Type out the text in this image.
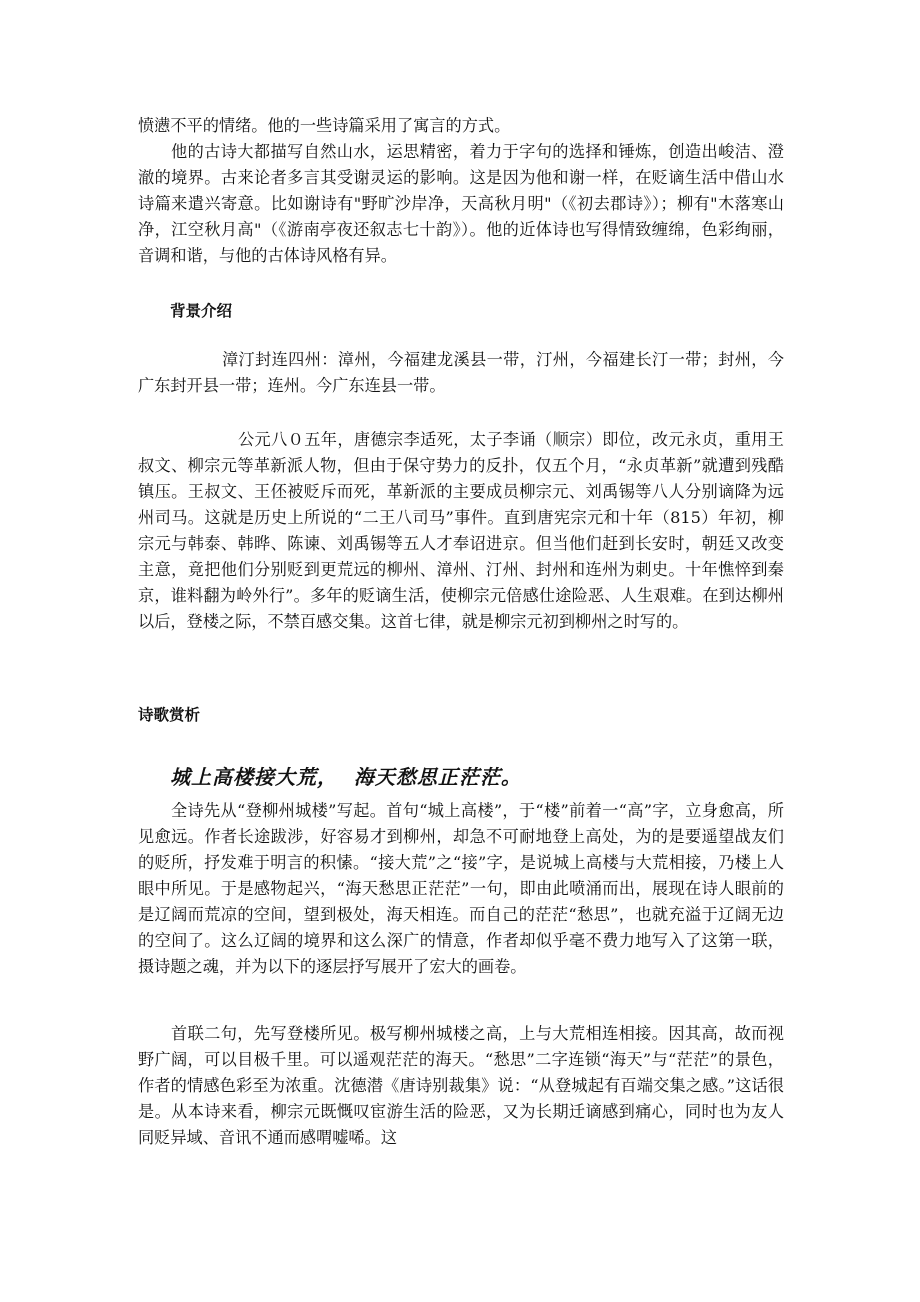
愤懑不平的情绪。他的一些诗篇采用了寓言的方式。

他的古诗大都描写自然山水，运思精密，着力于字句的选择和锤炼，创造出峻洁、澄澈的境界。古来论者多言其受谢灵运的影响。这是因为他和谢一样，在贬谪生活中借山水诗篇来遣兴寄意。比如谢诗有"野旷沙岸净，天高秋月明"（《初去郡诗》）；柳有"木落寒山净，江空秋月高"（《游南亭夜还叙志七十韵》）。他的近体诗也写得情致缠绵，色彩绚丽，音调和谐，与他的古体诗风格有异。

背景介绍

漳汀封连四州：漳州，今福建龙溪县一带，汀州，今福建长汀一带；封州，今广东封开县一带；连州。今广东连县一带。

公元八０五年，唐德宗李适死，太子李诵（顺宗）即位，改元永贞，重用王叔文、柳宗元等革新派人物，但由于保守势力的反扑，仅五个月，“永贞革新”就遭到残酷镇压。王叔文、王伾被贬斥而死，革新派的主要成员柳宗元、刘禹锡等八人分别谪降为远州司马。这就是历史上所说的“二王八司马”事件。直到唐宪宗元和十年（815）年初，柳宗元与韩泰、韩晔、陈谏、刘禹锡等五人才奉诏进京。但当他们赶到长安时，朝廷又改变主意，竟把他们分别贬到更荒远的柳州、漳州、汀州、封州和连州为刺史。十年憔悴到秦京，谁料翻为岭外行”。多年的贬谪生活，使柳宗元倍感仕途险恶、人生艰难。在到达柳州以后，登楼之际，不禁百感交集。这首七律，就是柳宗元初到柳州之时写的。

诗歌赏析

城上高楼接大荒，  海天愁思正茫茫。

全诗先从“登柳州城楼”写起。首句“城上高楼”，于“楼”前着一“高”字，立身愈高，所见愈远。作者长途跋涉，好容易才到柳州，却急不可耐地登上高处，为的是要遥望战友们的贬所，抒发难于明言的积愫。“接大荒”之“接”字，是说城上高楼与大荒相接，乃楼上人眼中所见。于是感物起兴，“海天愁思正茫茫”一句，即由此喷涌而出，展现在诗人眼前的是辽阔而荒凉的空间，望到极处，海天相连。而自己的茫茫“愁思”，也就充溢于辽阔无边的空间了。这么辽阔的境界和这么深广的情意，作者却似乎毫不费力地写入了这第一联，摄诗题之魂，并为以下的逐层抒写展开了宏大的画卷。

首联二句，先写登楼所见。极写柳州城楼之高，上与大荒相连相接。因其高，故而视野广阔，可以目极千里。可以遥观茫茫的海天。“愁思”二字连锁“海天”与“茫茫”的景色，作者的情感色彩至为浓重。沈德潜《唐诗别裁集》说：“从登城起有百端交集之感。”这话很是。从本诗来看，柳宗元既慨叹宦游生活的险恶，又为长期迁谪感到痛心，同时也为友人同贬异域、音讯不通而感喟嘘唏。这
